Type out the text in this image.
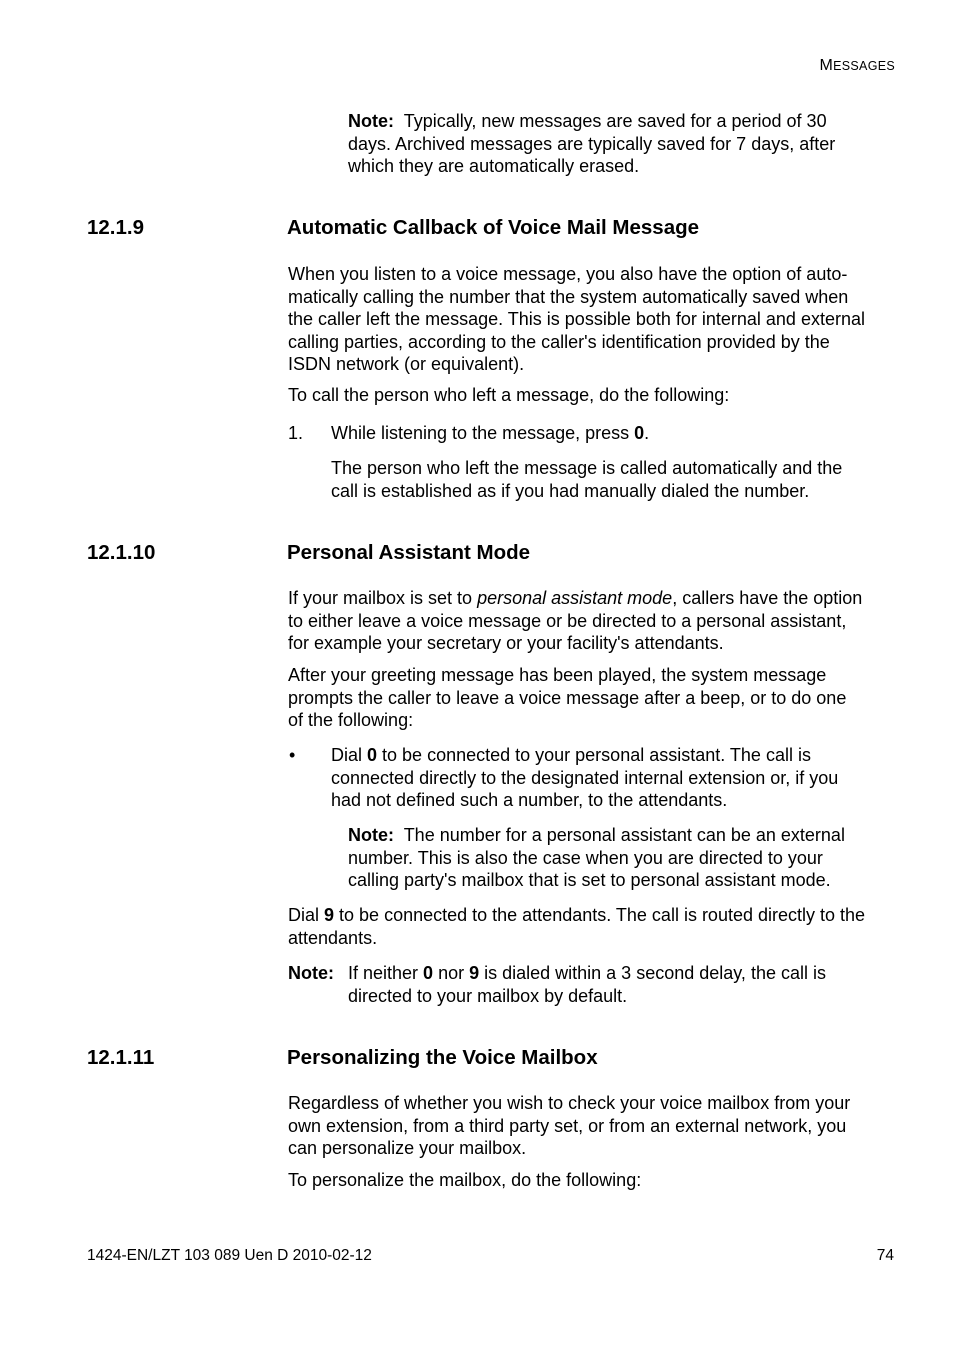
MESSAGES
Note: Typically, new messages are saved for a period of 30
days. Archived messages are typically saved for 7 days, after
which they are automatically erased.
12.1.9	Automatic Callback of Voice Mail Message
When you listen to a voice message, you also have the option of auto-
matically calling the number that the system automatically saved when
the caller left the message. This is possible both for internal and external
calling parties, according to the caller's identification provided by the
ISDN network (or equivalent).
To call the person who left a message, do the following:
1. While listening to the message, press 0.
The person who left the message is called automatically and the
call is established as if you had manually dialed the number.
12.1.10	Personal Assistant Mode
If your mailbox is set to personal assistant mode, callers have the option
to either leave a voice message or be directed to a personal assistant,
for example your secretary or your facility's attendants.
After your greeting message has been played, the system message
prompts the caller to leave a voice message after a beep, or to do one
of the following:
• Dial 0 to be connected to your personal assistant. The call is
connected directly to the designated internal extension or, if you
had not defined such a number, to the attendants.
Note: The number for a personal assistant can be an external
number. This is also the case when you are directed to your
calling party's mailbox that is set to personal assistant mode.
Dial 9 to be connected to the attendants. The call is routed directly to the
attendants.
Note: If neither 0 nor 9 is dialed within a 3 second delay, the call is
directed to your mailbox by default.
12.1.11	Personalizing the Voice Mailbox
Regardless of whether you wish to check your voice mailbox from your
own extension, from a third party set, or from an external network, you
can personalize your mailbox.
To personalize the mailbox, do the following:
1424-EN/LZT 103 089 Uen D 2010-02-12	74
